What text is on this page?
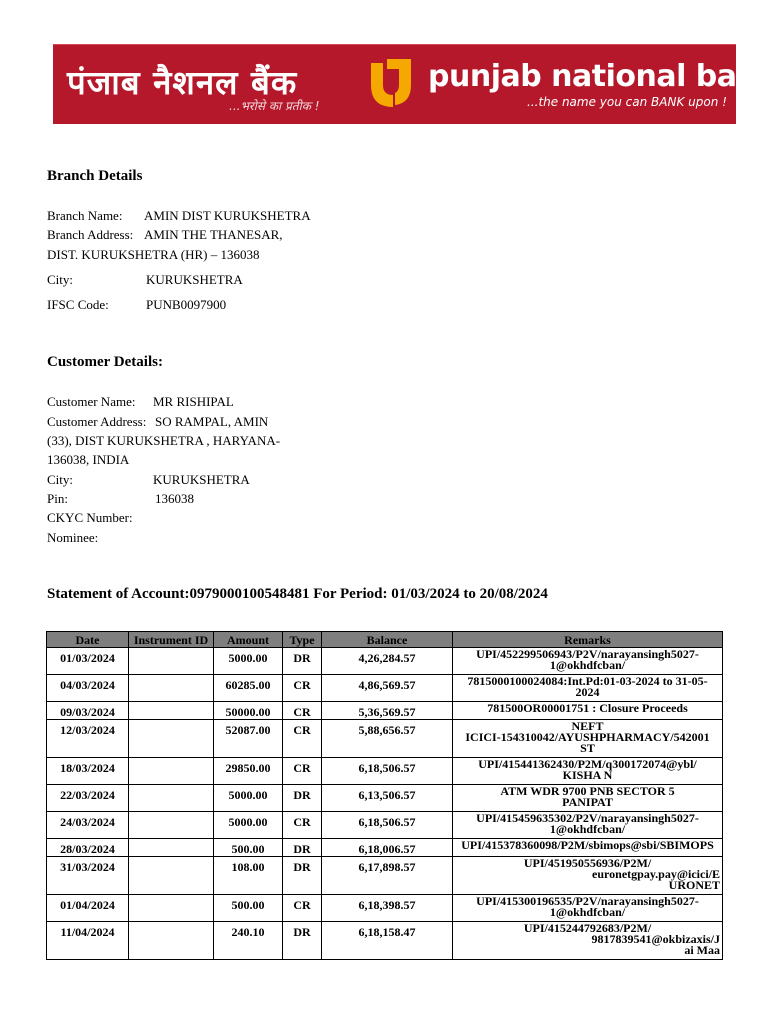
पंजाब नैशनल बैंक
...भरोसे का प्रतीक !
punjab national bank
...the name you can BANK upon !
Branch Details
Branch Name: AMIN DIST KURUKSHETRA
Branch Address: AMIN THE THANESAR,
DIST. KURUKSHETRA (HR) – 136038
City:	KURUKSHETRA
IFSC Code:	PUNB0097900
Customer Details:
Customer Name: MR RISHIPAL
Customer Address: SO RAMPAL, AMIN
(33), DIST KURUKSHETRA , HARYANA-
136038, INDIA
City:	KURUKSHETRA
Pin:	136038
CKYC Number:
Nominee:
Statement of Account:0979000100548481 For Period: 01/03/2024 to 20/08/2024
Date	Instrument ID	Amount	Type	Balance	Remarks
01/03/2024		5000.00	DR	4,26,284.57	UPI/452299506943/P2V/narayansingh5027-
1@okhdfcban/

04/03/2024		60285.00	CR	4,86,569.57	7815000100024084:Int.Pd:01-03-2024 to 31-05-
2024

09/03/2024		50000.00	CR	5,36,569.57	781500OR00001751 : Closure Proceeds

12/03/2024		52087.00	CR	5,88,656.57	NEFT
ICICI-154310042/AYUSHPHARMACY/542001
ST

18/03/2024		29850.00	CR	6,18,506.57	UPI/415441362430/P2M/q300172074@ybl/
KISHA N

22/03/2024		5000.00	DR	6,13,506.57	ATM WDR 9700 PNB SECTOR 5
PANIPAT

24/03/2024		5000.00	CR	6,18,506.57	UPI/415459635302/P2V/narayansingh5027-
1@okhdfcban/

28/03/2024		500.00	DR	6,18,006.57	UPI/415378360098/P2M/sbimops@sbi/SBIMOPS

31/03/2024		108.00	DR	6,17,898.57	UPI/451950556936/P2M/
euronetgpay.pay@icici/E
URONET

01/04/2024		500.00	CR	6,18,398.57	UPI/415300196535/P2V/narayansingh5027-
1@okhdfcban/

11/04/2024		240.10	DR	6,18,158.47	UPI/415244792683/P2M/
9817839541@okbizaxis/J
ai Maa
